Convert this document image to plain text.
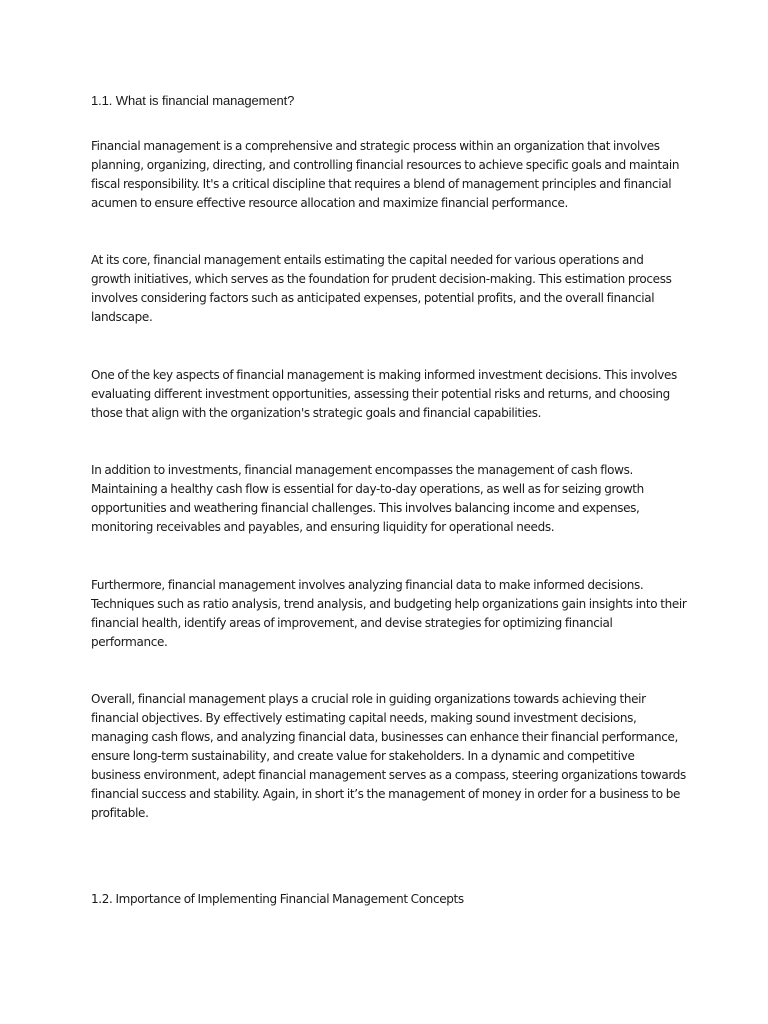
1.1. What is financial management?

Financial management is a comprehensive and strategic process within an organization that involves
planning, organizing, directing, and controlling financial resources to achieve specific goals and maintain
fiscal responsibility. It's a critical discipline that requires a blend of management principles and financial
acumen to ensure effective resource allocation and maximize financial performance.

At its core, financial management entails estimating the capital needed for various operations and
growth initiatives, which serves as the foundation for prudent decision-making. This estimation process
involves considering factors such as anticipated expenses, potential profits, and the overall financial
landscape.

One of the key aspects of financial management is making informed investment decisions. This involves
evaluating different investment opportunities, assessing their potential risks and returns, and choosing
those that align with the organization's strategic goals and financial capabilities.

In addition to investments, financial management encompasses the management of cash flows.
Maintaining a healthy cash flow is essential for day-to-day operations, as well as for seizing growth
opportunities and weathering financial challenges. This involves balancing income and expenses,
monitoring receivables and payables, and ensuring liquidity for operational needs.

Furthermore, financial management involves analyzing financial data to make informed decisions.
Techniques such as ratio analysis, trend analysis, and budgeting help organizations gain insights into their
financial health, identify areas of improvement, and devise strategies for optimizing financial
performance.

Overall, financial management plays a crucial role in guiding organizations towards achieving their
financial objectives. By effectively estimating capital needs, making sound investment decisions,
managing cash flows, and analyzing financial data, businesses can enhance their financial performance,
ensure long-term sustainability, and create value for stakeholders. In a dynamic and competitive
business environment, adept financial management serves as a compass, steering organizations towards
financial success and stability. Again, in short it’s the management of money in order for a business to be
profitable.

1.2. Importance of Implementing Financial Management Concepts
